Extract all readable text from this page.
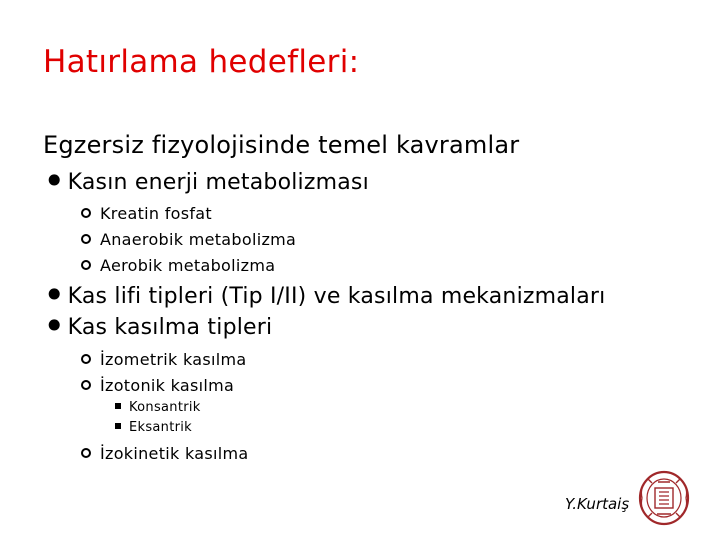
Hatırlama hedefleri:
Egzersiz fizyolojisinde temel kavramlar
•Kasın enerji metabolizması
Kreatin fosfat
Anaerobik metabolizma
Aerobik metabolizma
•Kas lifi tipleri (Tip I/II) ve kasılma mekanizmaları
•Kas kasılma tipleri
İzometrik kasılma
İzotonik kasılma
Konsantrik
Eksantrik
İzokinetik kasılma
Y.Kurtaiş
